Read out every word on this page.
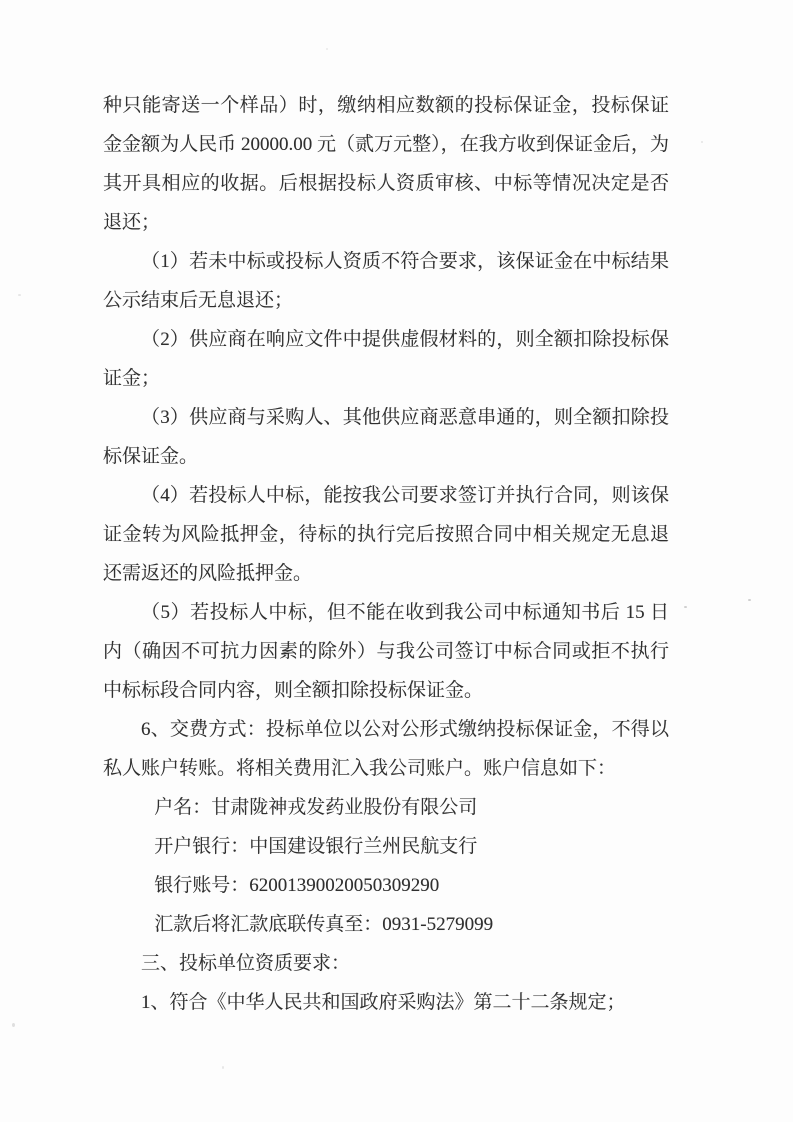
种只能寄送一个样品）时，缴纳相应数额的投标保证金，投标保证金金额为人民币 20000.00 元（贰万元整），在我方收到保证金后，为其开具相应的收据。后根据投标人资质审核、中标等情况决定是否退还；

（1）若未中标或投标人资质不符合要求，该保证金在中标结果公示结束后无息退还；

（2）供应商在响应文件中提供虚假材料的，则全额扣除投标保证金；

（3）供应商与采购人、其他供应商恶意串通的，则全额扣除投标保证金。

（4）若投标人中标，能按我公司要求签订并执行合同，则该保证金转为风险抵押金，待标的执行完后按照合同中相关规定无息退还需返还的风险抵押金。

（5）若投标人中标，但不能在收到我公司中标通知书后 15 日内（确因不可抗力因素的除外）与我公司签订中标合同或拒不执行中标标段合同内容，则全额扣除投标保证金。

6、交费方式：投标单位以公对公形式缴纳投标保证金，不得以私人账户转账。将相关费用汇入我公司账户。账户信息如下：

户名：甘肃陇神戎发药业股份有限公司

开户银行：中国建设银行兰州民航支行

银行账号：62001390020050309290

汇款后将汇款底联传真至：0931-5279099

三、投标单位资质要求：

1、符合《中华人民共和国政府采购法》第二十二条规定；
